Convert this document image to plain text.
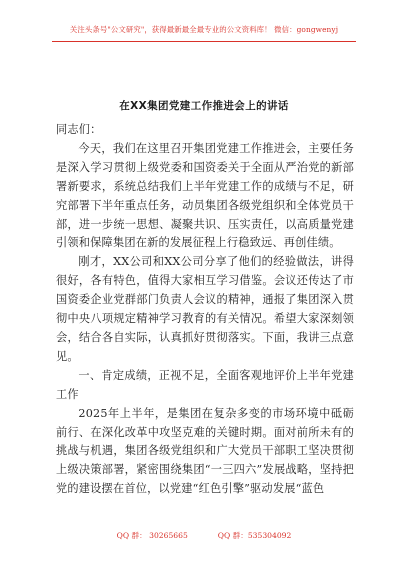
关注头条号"公文研究"，获得最新最全最专业的公文资料库！ 微信：gongwenyj
在XX集团党建工作推进会上的讲话

同志们：

今天，我们在这里召开集团党建工作推进会，主要任务是深入学习贯彻上级党委和国资委关于全面从严治党的新部署新要求，系统总结我们上半年党建工作的成绩与不足，研究部署下半年重点任务，动员集团各级党组织和全体党员干部，进一步统一思想、凝聚共识、压实责任，以高质量党建引领和保障集团在新的发展征程上行稳致远、再创佳绩。

刚才，XX公司和XX公司分享了他们的经验做法，讲得很好，各有特色，值得大家相互学习借鉴。会议还传达了市国资委企业党群部门负责人会议的精神，通报了集团深入贯彻中央八项规定精神学习教育的有关情况。希望大家深刻领会，结合各自实际，认真抓好贯彻落实。下面，我讲三点意见。

一、肯定成绩，正视不足，全面客观地评价上半年党建工作

2025年上半年，是集团在复杂多变的市场环境中砥砺前行、在深化改革中攻坚克难的关键时期。面对前所未有的挑战与机遇，集团各级党组织和广大党员干部职工坚决贯彻上级决策部署，紧密围绕集团“一三四六”发展战略，坚持把党的建设摆在首位，以党建“红色引擎”驱动发展“蓝色

QQ 群： 30265665	QQ 群：535304092
